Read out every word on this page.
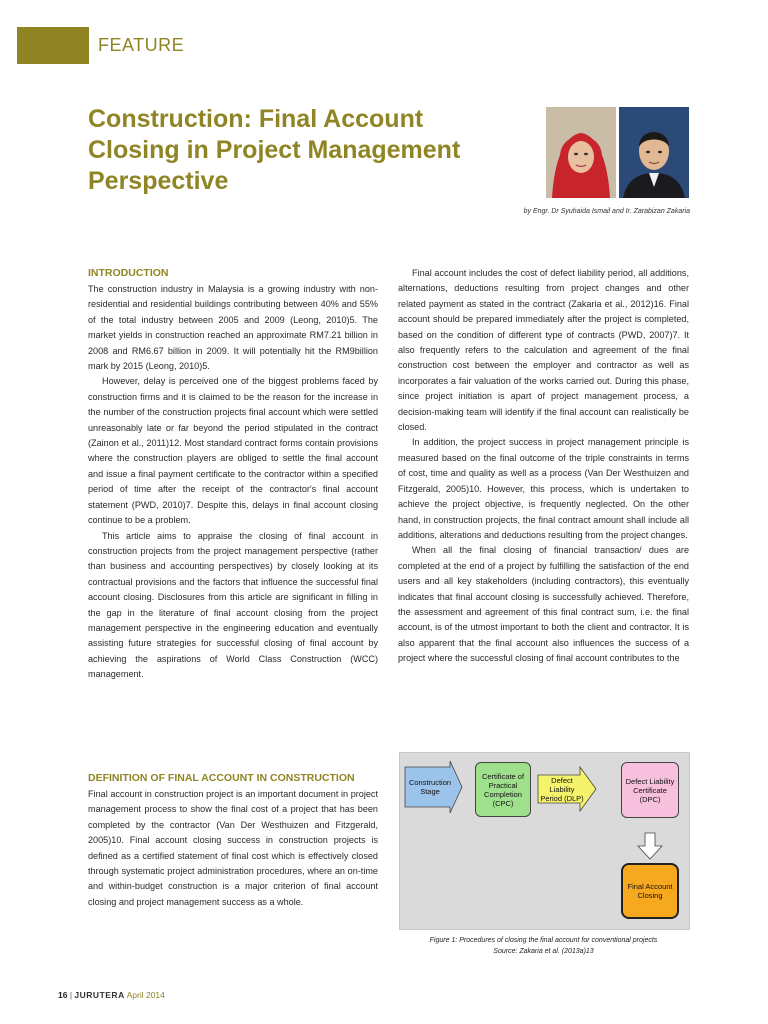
FEATURE
Construction: Final Account Closing in Project Management Perspective
by Engr. Dr Syuhaida Ismail and Ir. Zarabizan Zakaria
INTRODUCTION

The construction industry in Malaysia is a growing industry with non-residential and residential buildings contributing between 40% and 55% of the total industry between 2005 and 2009 (Leong, 2010)5. The market yields in construction reached an approximate RM7.21 billion in 2008 and RM6.67 billion in 2009. It will potentially hit the RM9billion mark by 2015 (Leong, 2010)5.

However, delay is perceived one of the biggest problems faced by construction firms and it is claimed to be the reason for the increase in the number of the construction projects final account which were settled unreasonably late or far beyond the period stipulated in the contract (Zainon et al., 2011)12. Most standard contract forms contain provisions where the construction players are obliged to settle the final account and issue a final payment certificate to the contractor within a specified period of time after the receipt of the contractor's final account statement (PWD, 2010)7. Despite this, delays in final account closing continue to be a problem.

This article aims to appraise the closing of final account in construction projects from the project management perspective (rather than business and accounting perspectives) by closely looking at its contractual provisions and the factors that influence the successful final account closing. Disclosures from this article are significant in filling in the gap in the literature of final account closing from the project management perspective in the engineering education and eventually assisting future strategies for successful closing of final account by achieving the aspirations of World Class Construction (WCC) management.

DEFINITION OF FINAL ACCOUNT IN CONSTRUCTION

Final account in construction project is an important document in project management process to show the final cost of a project that has been completed by the contractor (Van Der Westhuizen and Fitzgerald, 2005)10. Final account closing success in construction projects is defined as a certified statement of final cost which is effectively closed through systematic project administration procedures, where an on-time and within-budget construction is a major criterion of final account closing and project management success as a whole.

Final account includes the cost of defect liability period, all additions, alternations, deductions resulting from project changes and other related payment as stated in the contract (Zakaria et al., 2012)16. Final account should be prepared immediately after the project is completed, based on the condition of different type of contracts (PWD, 2007)7. It also frequently refers to the calculation and agreement of the final construction cost between the employer and contractor as well as incorporates a fair valuation of the works carried out. During this phase, since project initiation is apart of project management process, a decision-making team will identify if the final account can realistically be closed.

In addition, the project success in project management principle is measured based on the final outcome of the triple constraints in terms of cost, time and quality as well as a process (Van Der Westhuizen and Fitzgerald, 2005)10. However, this process, which is undertaken to achieve the project objective, is frequently neglected. On the other hand, in construction projects, the final contract amount shall include all additions, alterations and deductions resulting from the project changes.

When all the final closing of financial transaction/ dues are completed at the end of a project by fulfilling the satisfaction of the end users and all key stakeholders (including contractors), this eventually indicates that final account closing is successfully achieved. Therefore, the assessment and agreement of this final contract sum, i.e. the final account, is of the utmost important to both the client and contractor. It is also apparent that the final account also influences the success of a project where the successful closing of final account contributes to the

Construction Stage
Certificate of Practical Completion (CPC)
Defect Liability Period (DLP)
Defect Liability Certificate (DPC)
Final Account Closing
Figure 1: Procedures of closing the final account for conventional projects
Source: Zakaria et al. (2013a)13
16 | JURUTERA April 2014
